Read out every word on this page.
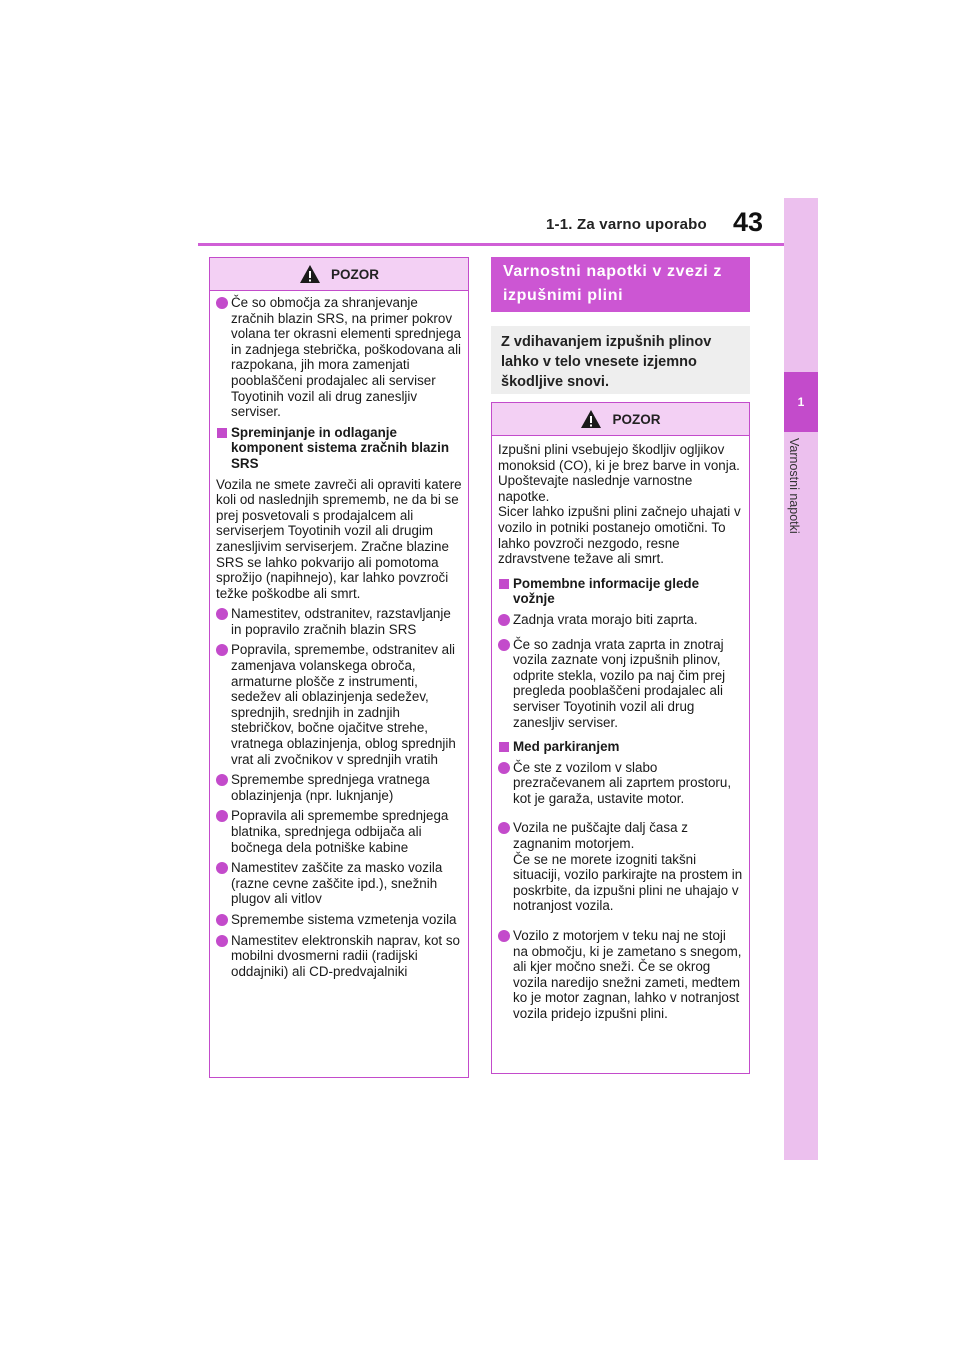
1-1. Za varno uporabo 43
1
Varnostni napotki
POZOR
Če so območja za shranjevanje zračnih blazin SRS, na primer pokrov volana ter okrasni elementi sprednjega in zadnjega stebrička, poškodovana ali razpokana, jih mora zamenjati pooblaščeni prodajalec ali serviser Toyotinih vozil ali drug zanesljiv serviser.
Spreminjanje in odlaganje komponent sistema zračnih blazin SRS
Vozila ne smete zavreči ali opraviti katere koli od naslednjih sprememb, ne da bi se prej posvetovali s prodajalcem ali serviserjem Toyotinih vozil ali drugim zanesljivim serviserjem. Zračne blazine SRS se lahko pokvarijo ali pomotoma sprožijo (napihnejo), kar lahko povzroči težke poškodbe ali smrt.
Namestitev, odstranitev, razstavljanje in popravilo zračnih blazin SRS
Popravila, spremembe, odstranitev ali zamenjava volanskega obroča, armaturne plošče z instrumenti, sedežev ali oblazinjenja sedežev, sprednjih, srednjih in zadnjih stebričkov, bočne ojačitve strehe, vratnega oblazinjenja, oblog sprednjih vrat ali zvočnikov v sprednjih vratih
Spremembe sprednjega vratnega oblazinjenja (npr. luknjanje)
Popravila ali spremembe sprednjega blatnika, sprednjega odbijača ali bočnega dela potniške kabine
Namestitev zaščite za masko vozila (razne cevne zaščite ipd.), snežnih plugov ali vitlov
Spremembe sistema vzmetenja vozila
Namestitev elektronskih naprav, kot so mobilni dvosmerni radii (radijski oddajniki) ali CD-predvajalniki
Varnostni napotki v zvezi z izpušnimi plini
Z vdihavanjem izpušnih plinov lahko v telo vnesete izjemno škodljive snovi.
POZOR
Izpušni plini vsebujejo škodljiv ogljikov monoksid (CO), ki je brez barve in vonja. Upoštevajte naslednje varnostne napotke.
Sicer lahko izpušni plini začnejo uhajati v vozilo in potniki postanejo omotični. To lahko povzroči nezgodo, resne zdravstvene težave ali smrt.
Pomembne informacije glede vožnje
Zadnja vrata morajo biti zaprta.
Če so zadnja vrata zaprta in znotraj vozila zaznate vonj izpušnih plinov, odprite stekla, vozilo pa naj čim prej pregleda pooblaščeni prodajalec ali serviser Toyotinih vozil ali drug zanesljiv serviser.
Med parkiranjem
Če ste z vozilom v slabo prezračevanem ali zaprtem prostoru, kot je garaža, ustavite motor.
Vozila ne puščajte dalj časa z zagnanim motorjem.
Če se ne morete izogniti takšni situaciji, vozilo parkirajte na prostem in poskrbite, da izpušni plini ne uhajajo v notranjost vozila.
Vozilo z motorjem v teku naj ne stoji na območju, ki je zametano s snegom, ali kjer močno sneži. Če se okrog vozila naredijo snežni zameti, medtem ko je motor zagnan, lahko v notranjost vozila pridejo izpušni plini.
